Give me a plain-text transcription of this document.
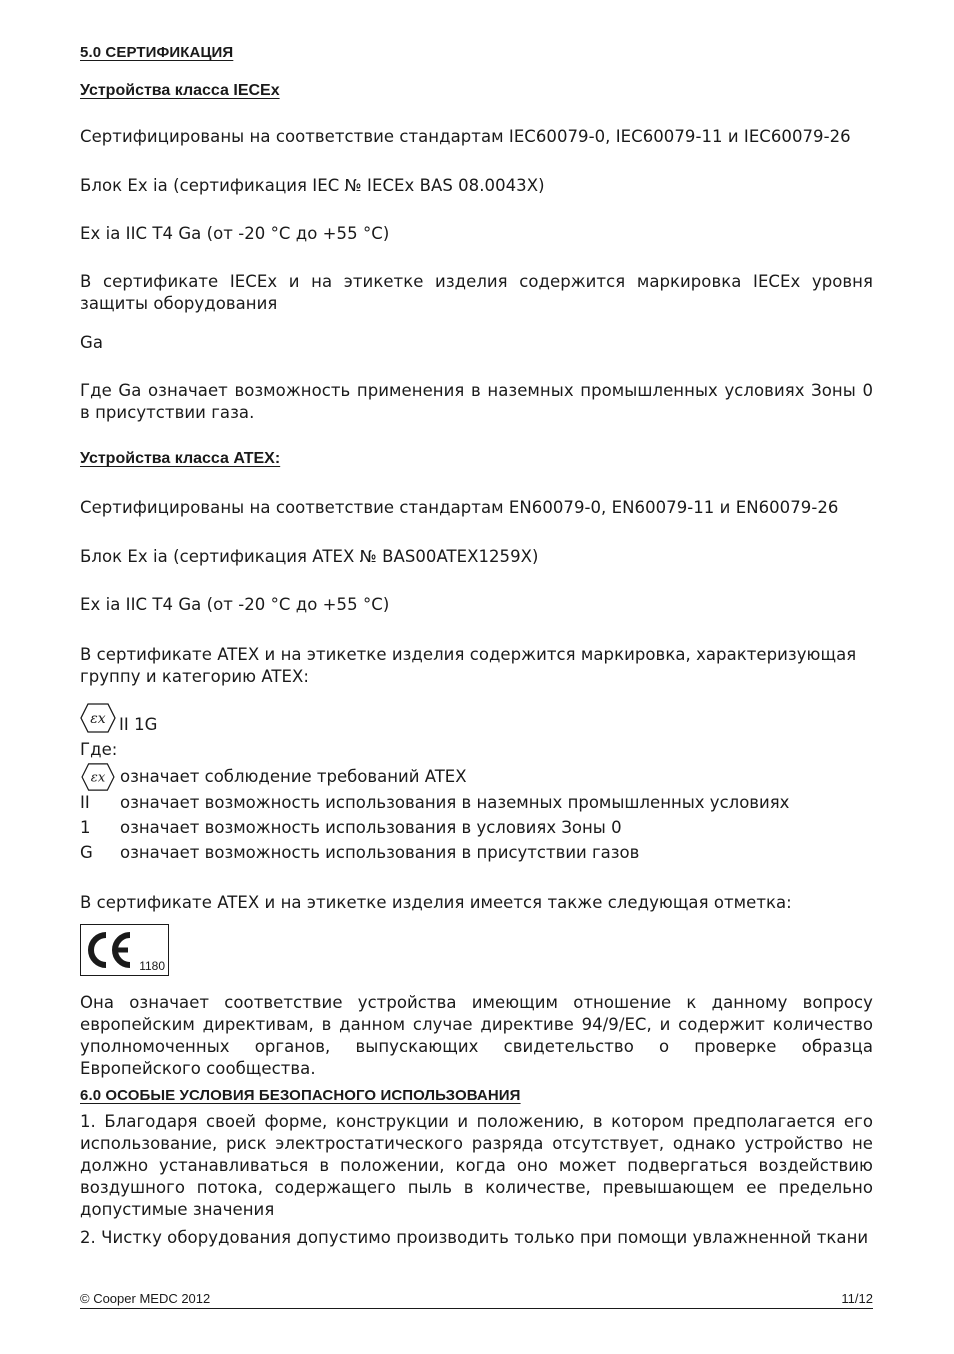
5.0 СЕРТИФИКАЦИЯ
Устройства класса IECEx
Сертифицированы на соответствие стандартам IEC60079-0, IEC60079-11 и IEC60079-26
Блок Ex ia (сертификация IEC № IECEx BAS 08.0043X)
Ex ia IIC T4 Ga (от -20 °C до +55 °C)
В сертификате IECEx и на этикетке изделия содержится маркировка IECEx уровня защиты оборудования
Ga
Где Ga означает возможность применения в наземных промышленных условиях Зоны 0 в присутствии газа.
Устройства класса ATEX:
Сертифицированы на соответствие стандартам EN60079-0, EN60079-11 и EN60079-26
Блок Ex ia (сертификация ATEX № BAS00ATEX1259X)
Ex ia IIC T4 Ga (от -20 °C до +55 °C)
В сертификате ATEX и на этикетке изделия содержится маркировка, характеризующая группу и категорию ATEX:
εx II 1G
Где:
εx означает соблюдение требований ATEX
II означает возможность использования в наземных промышленных условиях
1 означает возможность использования в условиях Зоны 0
G означает возможность использования в присутствии газов
В сертификате ATEX и на этикетке изделия имеется также следующая отметка:
1180
Она означает соответствие устройства имеющим отношение к данному вопросу европейским директивам, в данном случае директиве 94/9/EC, и содержит количество уполномоченных органов, выпускающих свидетельство о проверке образца Европейского сообщества.
6.0 ОСОБЫЕ УСЛОВИЯ БЕЗОПАСНОГО ИСПОЛЬЗОВАНИЯ
1. Благодаря своей форме, конструкции и положению, в котором предполагается его использование, риск электростатического разряда отсутствует, однако устройство не должно устанавливаться в положении, когда оно может подвергаться воздействию воздушного потока, содержащего пыль в количестве, превышающем ее предельно допустимые значения
2. Чистку оборудования допустимо производить только при помощи увлажненной ткани
© Cooper MEDC 2012	11/12
